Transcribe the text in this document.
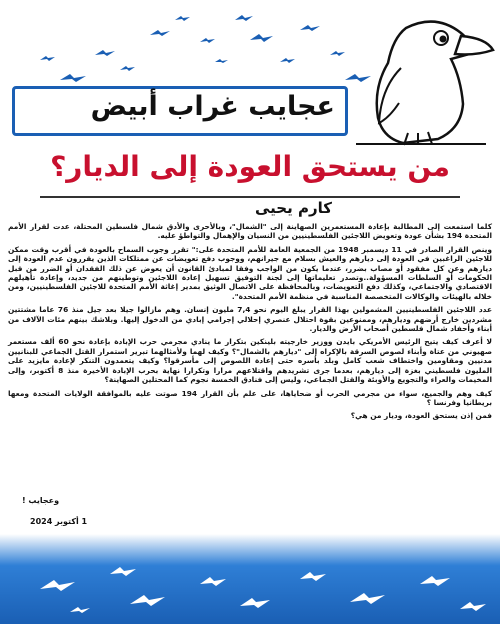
عجايب غراب أبيض
من يستحق العودة إلى الديار؟
كارم يحيى

كلما استمعت إلى المطالبة بإعادة المستعمرين الصهاينة إلى "الشمال"، وبالأحرى والأدق شمال فلسطين المحتلة، عدت لقرار الأمم المتحدة 194 بشأن عودة وتعويض اللاجئين الفلسطينيين من النسيان والإهمال والتواطؤ عليه.

وينص القرار الصادر في 11 ديسمبر 1948 من الجمعية العامة للأمم المتحدة على:" تقرر وجوب السماح بالعودة في أقرب وقت ممكن للاجئين الراغبين في العودة إلى ديارهم والعيش بسلام مع جيرانهم، ووجوب دفع تعويضات عن ممتلكات الذين يقررون عدم العودة إلى ديارهم وعن كل مفقود أو مصاب بضرر، عندما يكون من الواجب وفقا لمبادئ القانون أن يعوض عن ذلك الفقدان أو الضرر من قبل الحكومات أو السلطات المسؤولة..وتصدر تعليماتها إلى لجنة التوفيق تسهيل إعادة اللاجئين وتوطينهم من جديد، وإعادة تأهيلهم الاقتصادي والاجتماعي، وكذلك دفع التعويضات، وبالمحافظة على الاتصال الوثيق بمدير إغاثة الأمم المتحدة للاجئين الفلسطينيين، ومن خلاله بالهيئات والوكالات المتخصصة المناسبة في منظمة الأمم المتحدة".

عدد اللاجئين الفلسطينيين المشمولين بهذا القرار يبلغ اليوم نحو 7,4 مليون إنسان. وهم مازالوا جيلا بعد جيل منذ 76 عاما مشتتين مشردين خارج أرضهم وديارهم، وممنوعين بقوة احتلال عنصري إحلالي إجرامي إبادي من الدخول إليها. وبلاشك بينهم مئات الآلاف من أبناء وأحفاد شمال فلسطين أصحاب الأرض والديار.

لا أعرف كيف يتيح الرئيس الأمريكي بايدن ووزير خارجيته بلينكين بتكرار ما ينادي مجرمي حرب الإبادة بإعادة نحو 60 ألف مستعمر صهيوني من عتاة وأبناء لصوص السرقة بالإكراه إلى "ديارهم بالشمال"؟ وكيف لهما ولأمثالهما تبرير استمرار القتل الجماعي للبنانيين مدنيين ومقاومين واختطاف شعب كامل وبلد بأسره حتى إعادة اللصوص إلى مأسرقوا؟ وكيف يتعمدون التنكر لإعادة مايزيد على المليون فلسطيني بغزة إلى ديارهم، بعدما جرى تشريدهم واقتلاعهم مرارا وتكرارا نهاية بحرب الإبادة الأخيرة منذ 8 أكتوبر، وإلى المخيمات والعراء والتجويع والأوبئة والقتل الجماعي، وليس إلى فنادق الخمسة نجوم كما المحتلين الصهاينة؟

كيف وهم والجميع، سواء من مجرمي الحرب أو ضحاياها، على علم بأن القرار 194 صوتت عليه بالموافقة الولايات المتحدة ومعها بريطانيا وفرنسا ؟

فمن إذن يستحق العودة، وديار من هي؟

وعجايب !
1 أكتوبر 2024
